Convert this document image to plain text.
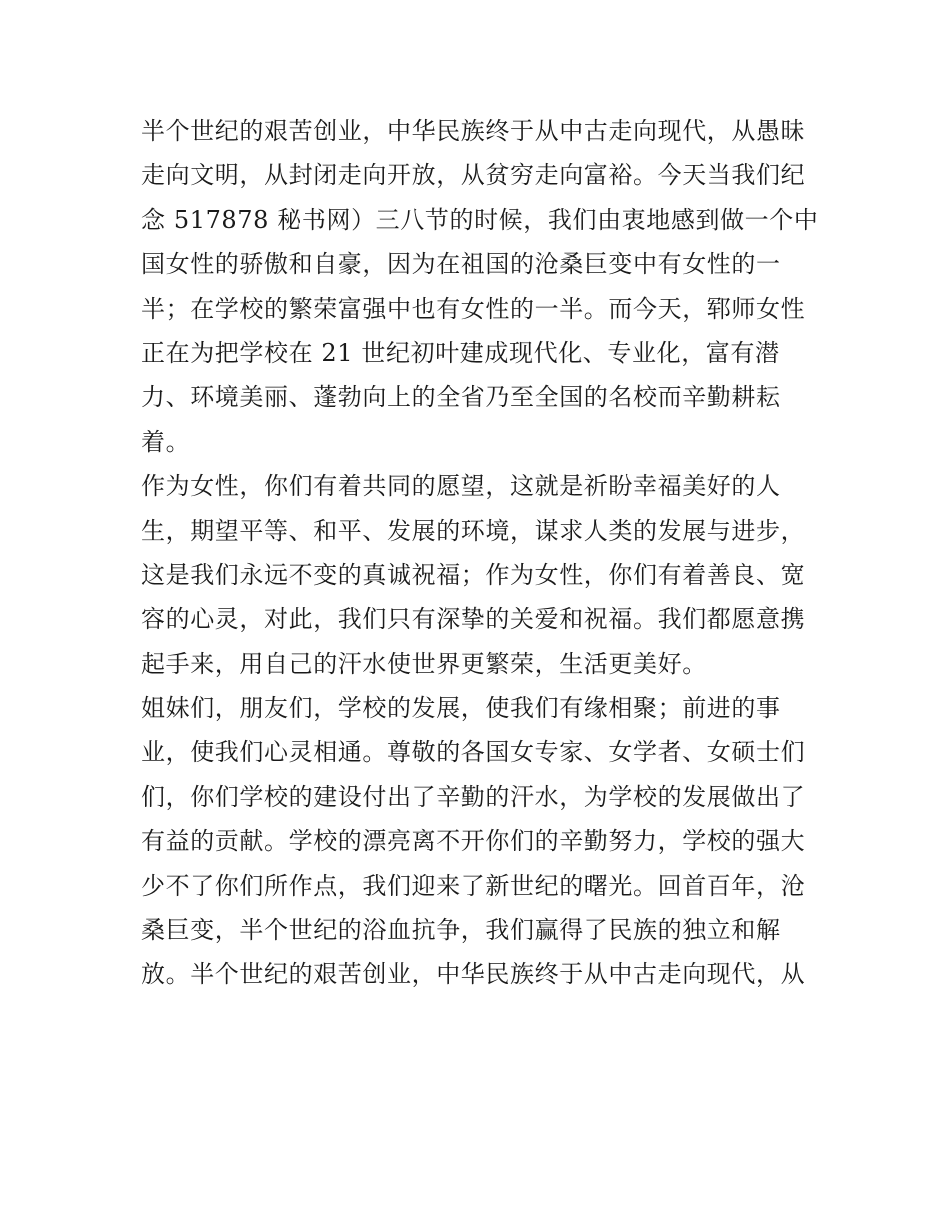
半个世纪的艰苦创业，中华民族终于从中古走向现代，从愚昧
走向文明，从封闭走向开放，从贫穷走向富裕。今天当我们纪
念 517878 秘书网）三八节的时候，我们由衷地感到做一个中
国女性的骄傲和自豪，因为在祖国的沧桑巨变中有女性的一
半；在学校的繁荣富强中也有女性的一半。而今天，郓师女性
正在为把学校在 21 世纪初叶建成现代化、专业化，富有潜
力、环境美丽、蓬勃向上的全省乃至全国的名校而辛勤耕耘
着。
作为女性，你们有着共同的愿望，这就是祈盼幸福美好的人
生，期望平等、和平、发展的环境，谋求人类的发展与进步，
这是我们永远不变的真诚祝福；作为女性，你们有着善良、宽
容的心灵，对此，我们只有深挚的关爱和祝福。我们都愿意携
起手来，用自己的汗水使世界更繁荣，生活更美好。
姐妹们，朋友们，学校的发展，使我们有缘相聚；前进的事
业，使我们心灵相通。尊敬的各国女专家、女学者、女硕士们
们，你们学校的建设付出了辛勤的汗水，为学校的发展做出了
有益的贡献。学校的漂亮离不开你们的辛勤努力，学校的强大
少不了你们所作点，我们迎来了新世纪的曙光。回首百年，沧
桑巨变，半个世纪的浴血抗争，我们赢得了民族的独立和解
放。半个世纪的艰苦创业，中华民族终于从中古走向现代，从
